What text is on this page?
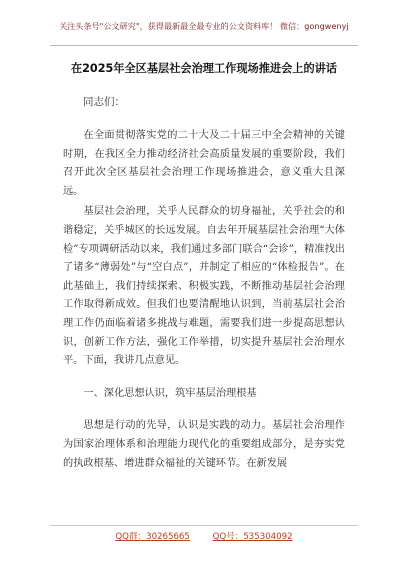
关注头条号"公文研究"，获得最新最全最专业的公文资料库！ 微信：gongwenyj
在2025年全区基层社会治理工作现场推进会上的讲话
同志们：

在全面贯彻落实党的二十大及二十届三中全会精神的关键时期，在我区全力推动经济社会高质量发展的重要阶段，我们召开此次全区基层社会治理工作现场推进会，意义重大且深远。

基层社会治理，关乎人民群众的切身福祉，关乎社会的和谐稳定，关乎城区的长远发展。自去年开展基层社会治理“大体检”专项调研活动以来，我们通过多部门联合“会诊”，精准找出了诸多“薄弱处”与“空白点”，并制定了相应的“体检报告”。在此基础上，我们持续探索、积极实践，不断推动基层社会治理工作取得新成效。但我们也要清醒地认识到，当前基层社会治理工作仍面临着诸多挑战与难题，需要我们进一步提高思想认识，创新工作方法，强化工作举措，切实提升基层社会治理水平。下面，我讲几点意见。

一、深化思想认识，筑牢基层治理根基

思想是行动的先导，认识是实践的动力。基层社会治理作为国家治理体系和治理能力现代化的重要组成部分，是夯实党的执政根基、增进群众福祉的关键环节。在新发展

QQ群：30265665	QQ号：535304092
